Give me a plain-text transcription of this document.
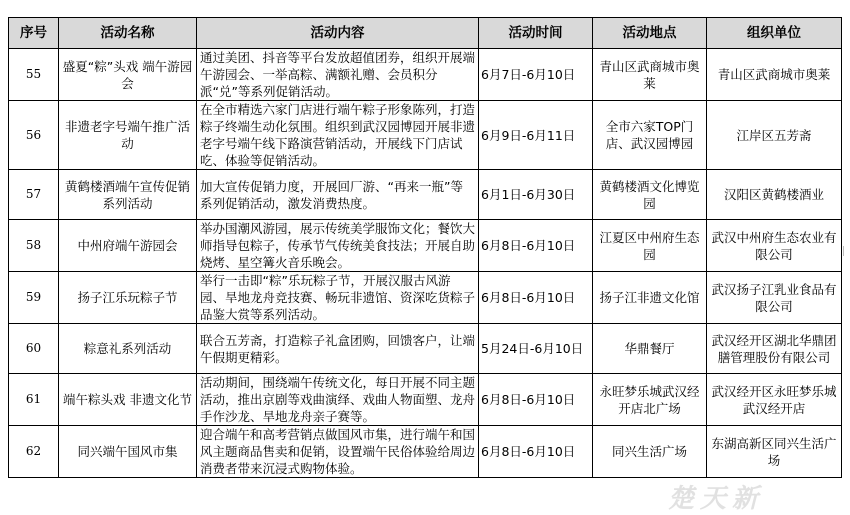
序号	活动名称	活动内容	活动时间	活动地点	组织单位
55	盛夏“粽”头戏 端午游园会	通过美团、抖音等平台发放超值团券，组织开展端午游园会、一举高粽、满额礼赠、会员积分派“兑”等系列促销活动。	6月7日-6月10日	青山区武商城市奥莱	青山区武商城市奥莱
56	非遗老字号端午推广活动	在全市精选六家门店进行端午粽子形象陈列，打造粽子终端生动化氛围。组织到武汉园博园开展非遗老字号端午线下路演营销活动，开展线下门店试吃、体验等促销活动。	6月9日-6月11日	全市六家TOP门店、武汉园博园	江岸区五芳斋
57	黄鹤楼酒端午宣传促销系列活动	加大宣传促销力度，开展回厂游、“再来一瓶”等系列促销活动，激发消费热度。	6月1日-6月30日	黄鹤楼酒文化博览园	汉阳区黄鹤楼酒业
58	中州府端午游园会	举办国潮风游园，展示传统美学服饰文化；餐饮大师指导包粽子，传承节气传统美食技法；开展自助烧烤、星空篝火音乐晚会。	6月8日-6月10日	江夏区中州府生态园	武汉中州府生态农业有限公司
59	扬子江乐玩粽子节	举行一击即“粽”乐玩粽子节，开展汉服古风游园、旱地龙舟竞技赛、畅玩非遗馆、资深吃货粽子品鉴大赏等系列活动。	6月8日-6月10日	扬子江非遗文化馆	武汉扬子江乳业食品有限公司
60	粽意礼系列活动	联合五芳斋，打造粽子礼盒团购，回馈客户，让端午假期更精彩。	5月24日-6月10日	华鼎餐厅	武汉经开区湖北华鼎团膳管理股份有限公司
61	端午粽头戏 非遗文化节	活动期间，围绕端午传统文化，每日开展不同主题活动，推出京剧等戏曲演绎、戏曲人物面塑、龙舟手作沙龙、旱地龙舟亲子赛等。	6月8日-6月10日	永旺梦乐城武汉经开店北广场	武汉经开区永旺梦乐城武汉经开店
62	同兴端午国风市集	迎合端午和高考营销点做国风市集，进行端午和国风主题商品售卖和促销，设置端午民俗体验给周边消费者带来沉浸式购物体验。	6月8日-6月10日	同兴生活广场	东湖高新区同兴生活广场
楚天新
